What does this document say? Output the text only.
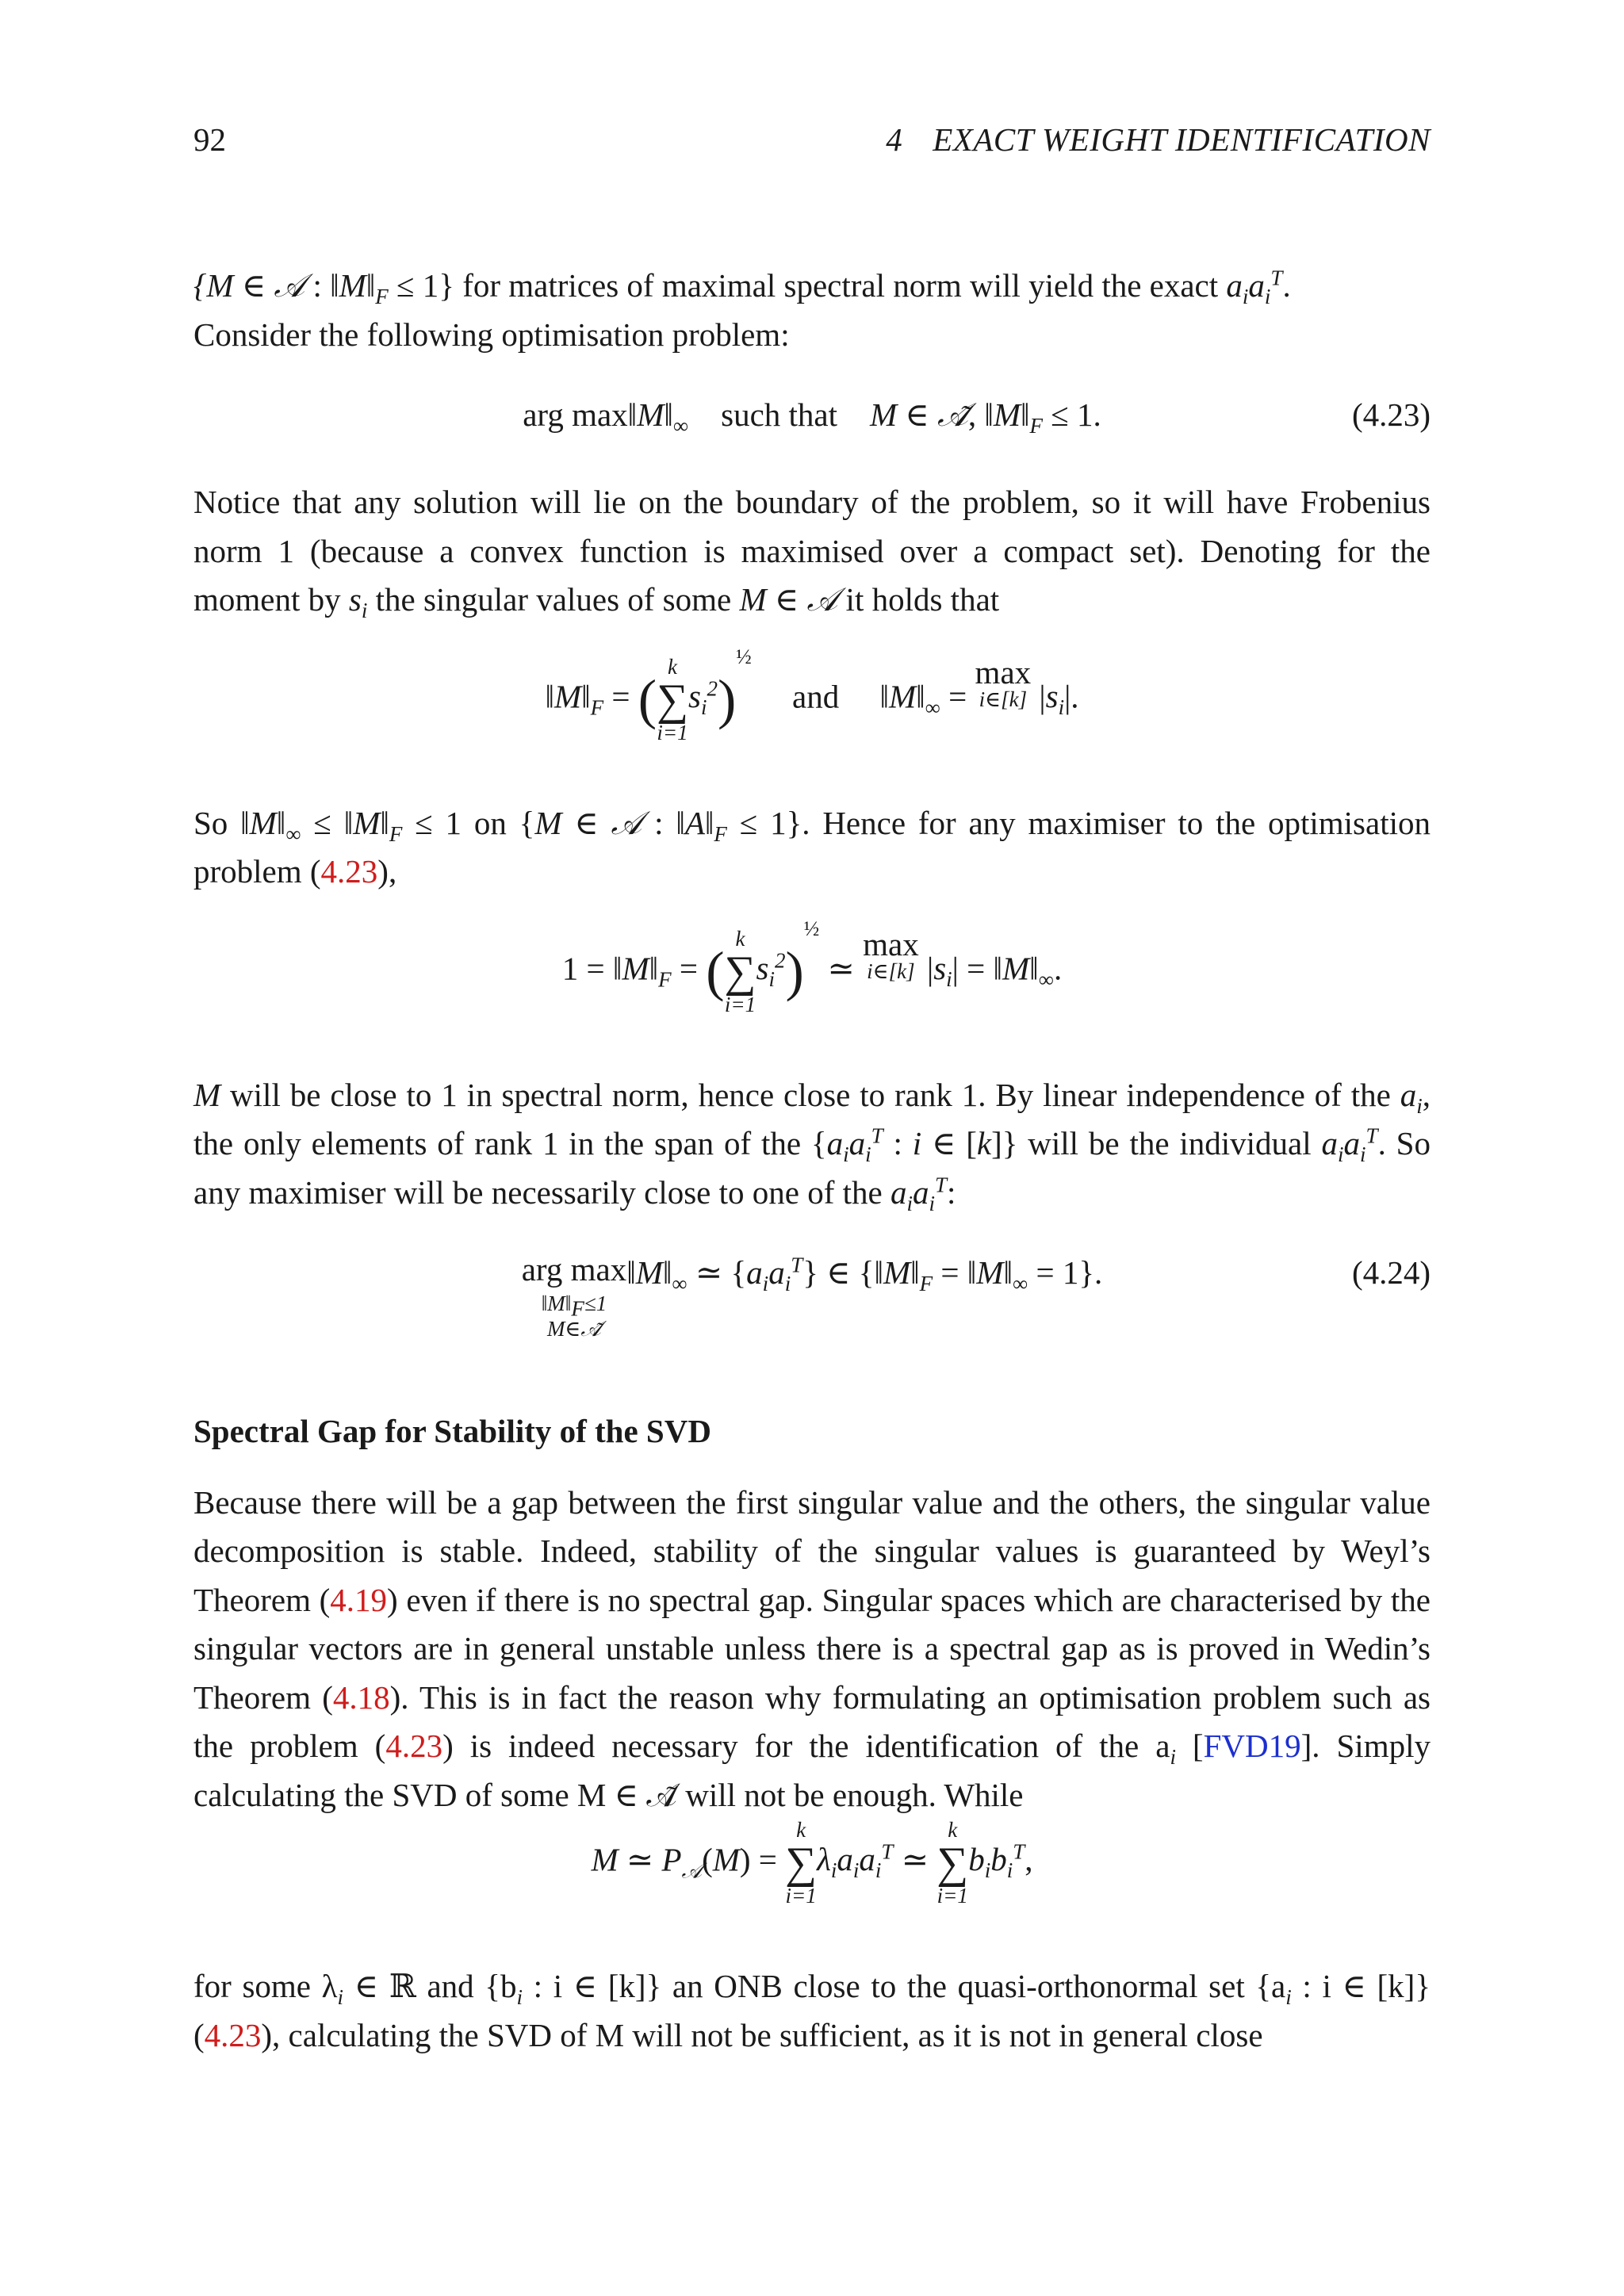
92	4 EXACT WEIGHT IDENTIFICATION

{M ∈ 𝒜 : $‖M‖_F \le 1$} for matrices of maximal spectral norm will yield the exact $a_ia_i^T$.
Consider the following optimisation problem:

arg $\max‖M‖_\infty$ such that M ∈ 𝒜̃, $‖M‖_F \le 1$.	(4.23)

Notice that any solution will lie on the boundary of the problem, so it will have Frobenius norm 1 (because a convex function is maximised over a compact set). Denoting for the moment by $s_i$ the singular values of some M ∈ 𝒜 it holds that

$‖M‖_F$ = (
k
∑
i=1
$s_i^2)^{\frac{1}{2}}$     and     $‖M‖_\infty = \max$
i∈[k] $|s_i|$.

So $‖M‖_\infty$ ≤ $‖M‖_F \le 1$ on {M ∈ 𝒜 : $‖A‖_F \le 1$}. Hence for any maximiser to the optimisation problem (4.23),

$1 = ‖M‖_F$ = (
k
∑
i=1
$s_i^2)^{\frac{1}{2}}$ ≃ max
i∈[k] $|s_i|$ = $‖M‖_\infty$.

M will be close to 1 in spectral norm, hence close to rank 1. By linear independence of the $a_i$, the only elements of rank 1 in the span of the {$a_ia_i^T$ : i ∈ [k]} will be the individual $a_ia_i^T$. So any maximiser will be necessarily close to one of the $a_ia_i^T$:

arg max
$‖M‖_F\le 1$
M∈𝒜̃
$‖M‖_\infty$ ≃ $\{a_ia_i^T\}$ ∈ {$‖M‖_F$ = $‖M‖_\infty = 1$}.	(4.24)
Spectral Gap for Stability of the SVD

Because there will be a gap between the first singular value and the others, the singular value decomposition is stable. Indeed, stability of the singular values is guaranteed by Weyl’s Theorem (4.19) even if there is no spectral gap. Singular spaces which are characterised by the singular vectors are in general unstable unless there is a spectral gap as is proved in Wedin’s Theorem (4.18). This is in fact the reason why formulating an optimisation problem such as the problem (4.23) is indeed necessary for the identification of the $a_i$ [FVD19]. Simply calculating the SVD of some M ∈ 𝒜̃ will not be enough. While

M ≃ $P_𝒜(M)$ =
k
∑
i=1
$\lambda_ia_ia_i^T$ ≃
k
∑
i=1
$b_ib_i^T$,

for some $\lambda_i$ ∈ ℝ and {$b_i$ : i ∈ [k]} an ONB close to the quasi-orthonormal set {$a_i$ : i ∈ [k]} (4.23), calculating the SVD of M will not be sufficient, as it is not in general close
